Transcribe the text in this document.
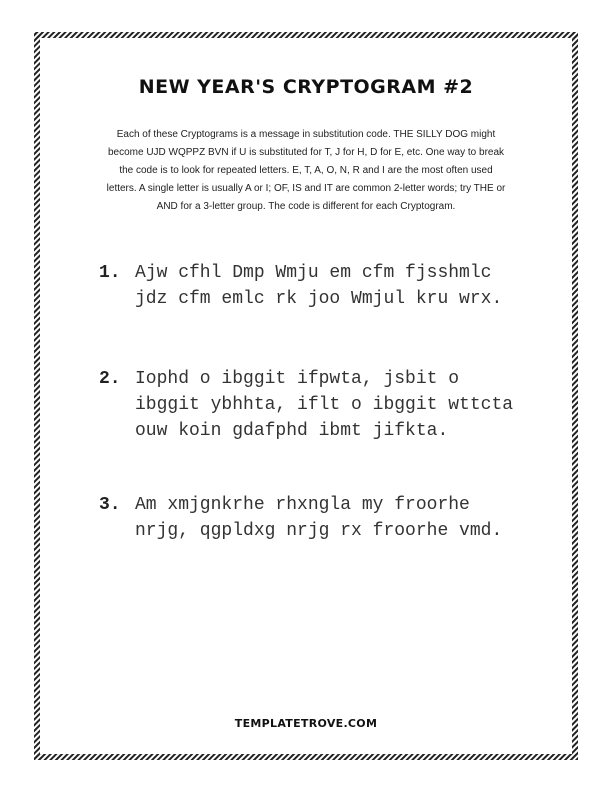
NEW YEAR'S CRYPTOGRAM #2
Each of these Cryptograms is a message in substitution code. THE SILLY DOG might
become UJD WQPPZ BVN if U is substituted for T, J for H, D for E, etc. One way to break
the code is to look for repeated letters. E, T, A, O, N, R and I are the most often used
letters. A single letter is usually A or I; OF, IS and IT are common 2-letter words; try THE or
AND for a 3-letter group. The code is different for each Cryptogram.
1. Ajw cfhl Dmp Wmju em cfm fjsshmlc
jdz cfm emlc rk joo Wmjul kru wrx.
2. Iophd o ibggit ifpwta, jsbit o
ibggit ybhhta, iflt o ibggit wttcta
ouw koin gdafphd ibmt jifkta.
3. Am xmjgnkrhe rhxngla my froorhe
nrjg, qgpldxg nrjg rx froorhe vmd.
TEMPLATETROVE.COM
